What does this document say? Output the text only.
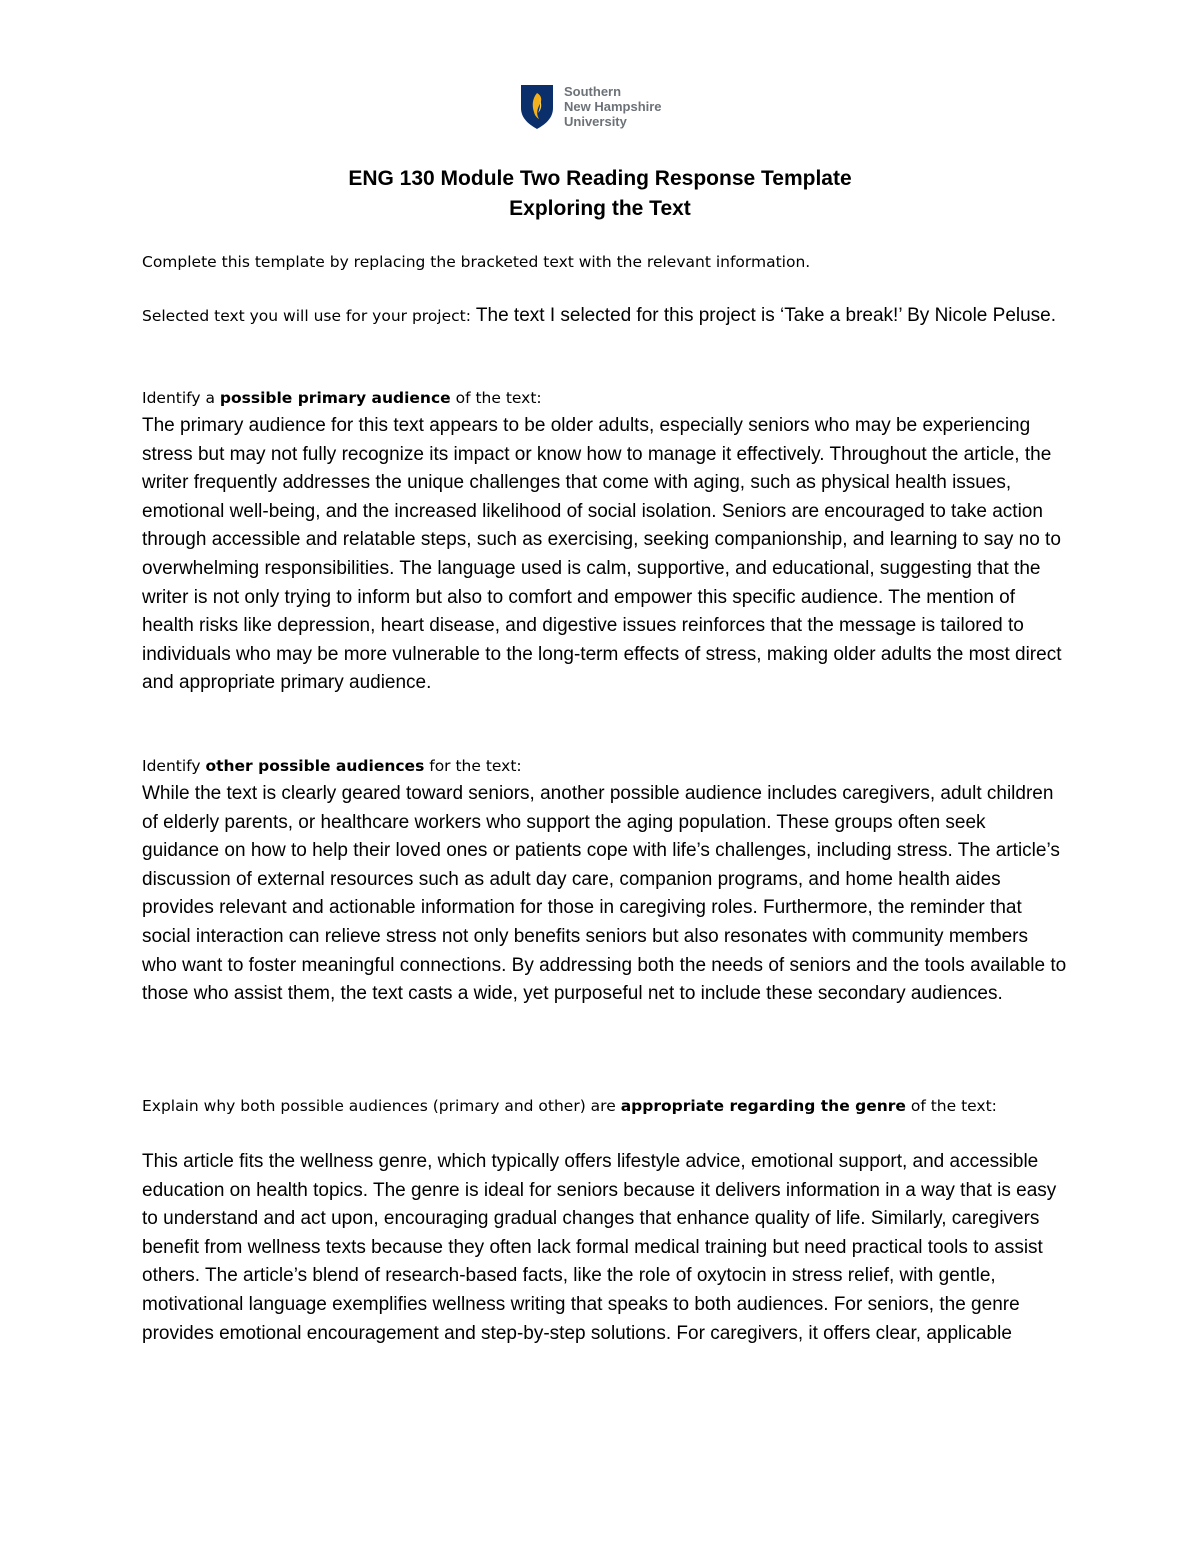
Southern
New Hampshire
University
ENG 130 Module Two Reading Response Template
Exploring the Text
Complete this template by replacing the bracketed text with the relevant information.
Selected text you will use for your project: The text I selected for this project is ‘Take a break!’ By Nicole Peluse.
Identify a possible primary audience of the text:
The primary audience for this text appears to be older adults, especially seniors who may be experiencing stress but may not fully recognize its impact or know how to manage it effectively. Throughout the article, the writer frequently addresses the unique challenges that come with aging, such as physical health issues, emotional well-being, and the increased likelihood of social isolation. Seniors are encouraged to take action through accessible and relatable steps, such as exercising, seeking companionship, and learning to say no to overwhelming responsibilities. The language used is calm, supportive, and educational, suggesting that the writer is not only trying to inform but also to comfort and empower this specific audience. The mention of health risks like depression, heart disease, and digestive issues reinforces that the message is tailored to individuals who may be more vulnerable to the long-term effects of stress, making older adults the most direct and appropriate primary audience.
Identify other possible audiences for the text:
While the text is clearly geared toward seniors, another possible audience includes caregivers, adult children of elderly parents, or healthcare workers who support the aging population. These groups often seek guidance on how to help their loved ones or patients cope with life’s challenges, including stress. The article’s discussion of external resources such as adult day care, companion programs, and home health aides provides relevant and actionable information for those in caregiving roles. Furthermore, the reminder that social interaction can relieve stress not only benefits seniors but also resonates with community members who want to foster meaningful connections. By addressing both the needs of seniors and the tools available to those who assist them, the text casts a wide, yet purposeful net to include these secondary audiences.
Explain why both possible audiences (primary and other) are appropriate regarding the genre of the text:
This article fits the wellness genre, which typically offers lifestyle advice, emotional support, and accessible education on health topics. The genre is ideal for seniors because it delivers information in a way that is easy to understand and act upon, encouraging gradual changes that enhance quality of life. Similarly, caregivers benefit from wellness texts because they often lack formal medical training but need practical tools to assist others. The article’s blend of research-based facts, like the role of oxytocin in stress relief, with gentle, motivational language exemplifies wellness writing that speaks to both audiences. For seniors, the genre provides emotional encouragement and step-by-step solutions. For caregivers, it offers clear, applicable
